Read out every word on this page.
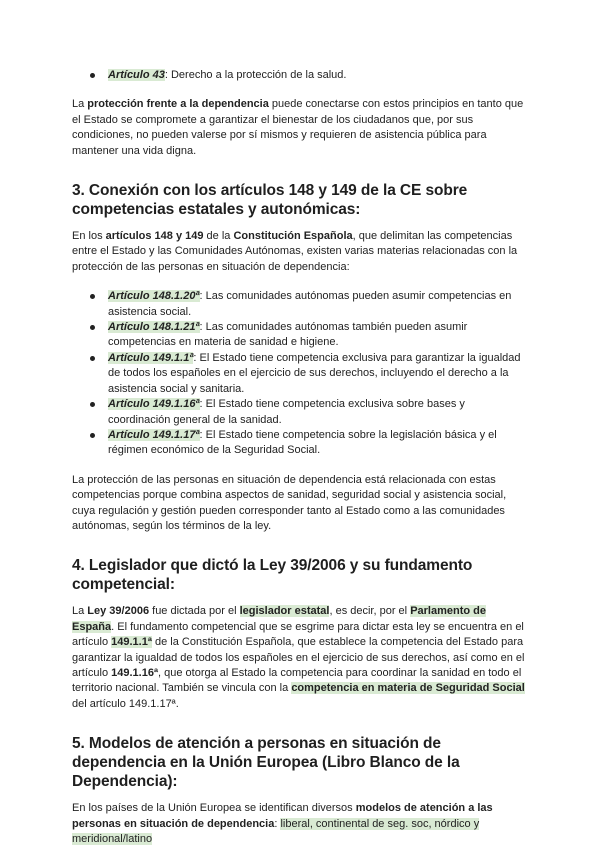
Artículo 43: Derecho a la protección de la salud.

La protección frente a la dependencia puede conectarse con estos principios en tanto que el Estado se compromete a garantizar el bienestar de los ciudadanos que, por sus condiciones, no pueden valerse por sí mismos y requieren de asistencia pública para mantener una vida digna.

3. Conexión con los artículos 148 y 149 de la CE sobre competencias estatales y autonómicas:

En los artículos 148 y 149 de la Constitución Española, que delimitan las competencias entre el Estado y las Comunidades Autónomas, existen varias materias relacionadas con la protección de las personas en situación de dependencia:

Artículo 148.1.20ª: Las comunidades autónomas pueden asumir competencias en asistencia social.
Artículo 148.1.21ª: Las comunidades autónomas también pueden asumir competencias en materia de sanidad e higiene.
Artículo 149.1.1ª: El Estado tiene competencia exclusiva para garantizar la igualdad de todos los españoles en el ejercicio de sus derechos, incluyendo el derecho a la asistencia social y sanitaria.
Artículo 149.1.16ª: El Estado tiene competencia exclusiva sobre bases y coordinación general de la sanidad.
Artículo 149.1.17ª: El Estado tiene competencia sobre la legislación básica y el régimen económico de la Seguridad Social.

La protección de las personas en situación de dependencia está relacionada con estas competencias porque combina aspectos de sanidad, seguridad social y asistencia social, cuya regulación y gestión pueden corresponder tanto al Estado como a las comunidades autónomas, según los términos de la ley.

4. Legislador que dictó la Ley 39/2006 y su fundamento competencial:

La Ley 39/2006 fue dictada por el legislador estatal, es decir, por el Parlamento de España. El fundamento competencial que se esgrime para dictar esta ley se encuentra en el artículo 149.1.1ª de la Constitución Española, que establece la competencia del Estado para garantizar la igualdad de todos los españoles en el ejercicio de sus derechos, así como en el artículo 149.1.16ª, que otorga al Estado la competencia para coordinar la sanidad en todo el territorio nacional. También se vincula con la competencia en materia de Seguridad Social del artículo 149.1.17ª.

5. Modelos de atención a personas en situación de dependencia en la Unión Europea (Libro Blanco de la Dependencia):

En los países de la Unión Europea se identifican diversos modelos de atención a las personas en situación de dependencia: liberal, continental de seg. soc, nórdico y meridional/latino
